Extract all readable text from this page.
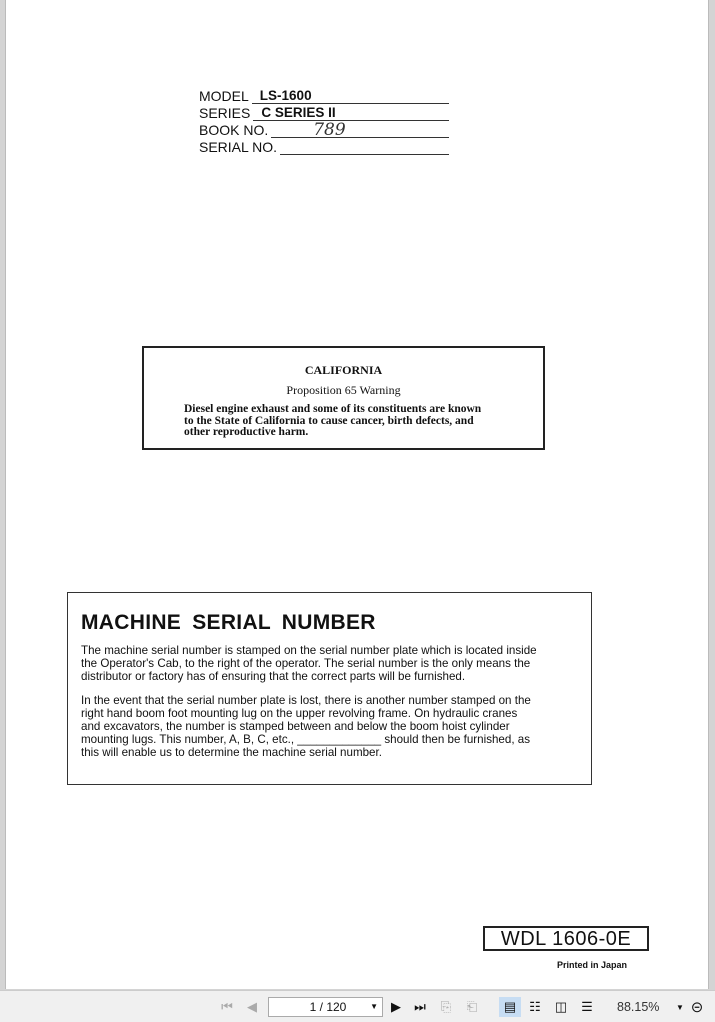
MODEL LS-1600
SERIES C SERIES II
BOOK NO.	789
SERIAL NO.
CALIFORNIA
Proposition 65 Warning
Diesel engine exhaust and some of its constituents are known
to the State of California to cause cancer, birth defects, and
other reproductive harm.
MACHINE SERIAL NUMBER

The machine serial number is stamped on the serial number plate which is located inside
the Operator's Cab, to the right of the operator. The serial number is the only means the
distributor or factory has of ensuring that the correct parts will be furnished.

In the event that the serial number plate is lost, there is another number stamped on the
right hand boom foot mounting lug on the upper revolving frame. On hydraulic cranes
and excavators, the number is stamped between and below the boom hoist cylinder
mounting lugs. This number, A, B, C, etc., _____________ should then be furnished, as
this will enable us to determine the machine serial number.

WDL 1606-0E
Printed in Japan
⏮ ◀	1 / 120	▼ ▶ ⏭	⎘	⎗	▤	☷	◫	☰	88.15% ▼ ⊝
